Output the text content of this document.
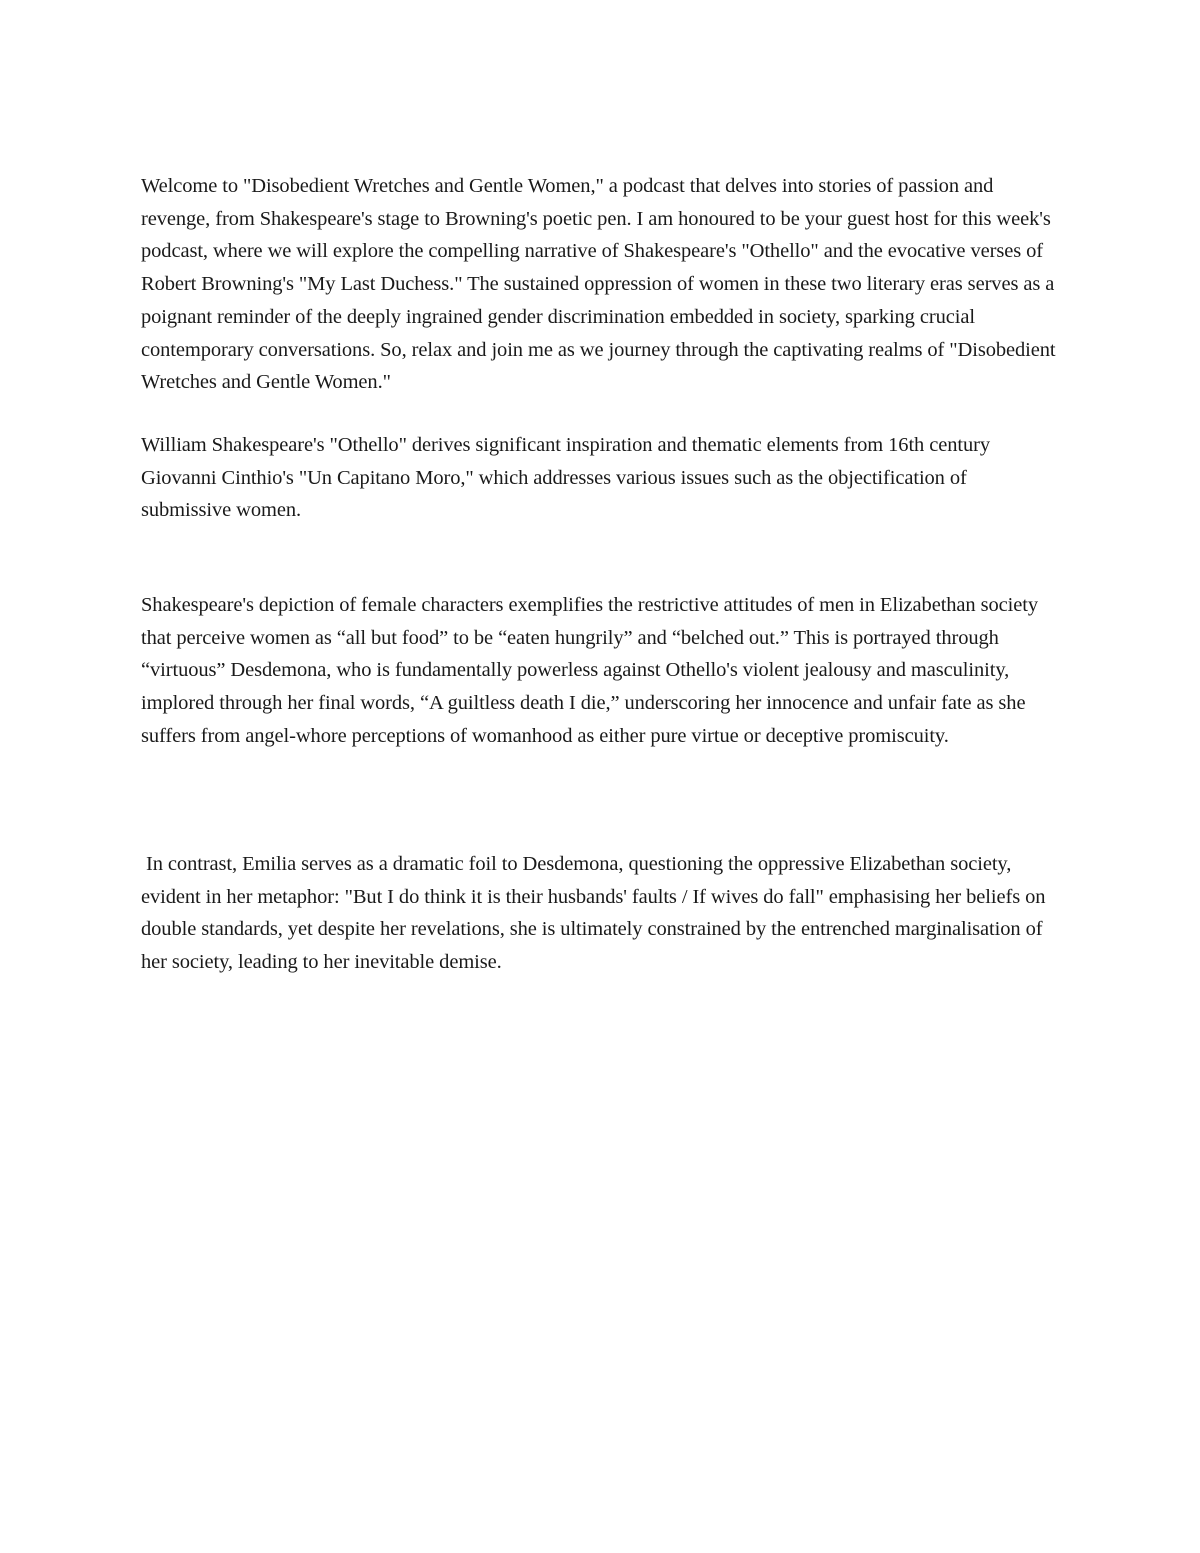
Welcome to "Disobedient Wretches and Gentle Women," a podcast that delves into stories of passion and revenge, from Shakespeare's stage to Browning's poetic pen. I am honoured to be your guest host for this week's podcast, where we will explore the compelling narrative of Shakespeare's "Othello" and the evocative verses of Robert Browning's "My Last Duchess." The sustained oppression of women in these two literary eras serves as a poignant reminder of the deeply ingrained gender discrimination embedded in society, sparking crucial contemporary conversations. So, relax and join me as we journey through the captivating realms of "Disobedient Wretches and Gentle Women."

William Shakespeare's "Othello" derives significant inspiration and thematic elements from 16th century Giovanni Cinthio's "Un Capitano Moro," which addresses various issues such as the objectification of submissive women.

Shakespeare's depiction of female characters exemplifies the restrictive attitudes of men in Elizabethan society that perceive women as “all but food” to be “eaten hungrily” and “belched out.” This is portrayed through “virtuous” Desdemona, who is fundamentally powerless against Othello's violent jealousy and masculinity, implored through her final words, “A guiltless death I die,” underscoring her innocence and unfair fate as she suffers from angel-whore perceptions of womanhood as either pure virtue or deceptive promiscuity.

In contrast, Emilia serves as a dramatic foil to Desdemona, questioning the oppressive Elizabethan society, evident in her metaphor: "But I do think it is their husbands' faults / If wives do fall" emphasising her beliefs on double standards, yet despite her revelations, she is ultimately constrained by the entrenched marginalisation of her society, leading to her inevitable demise.
